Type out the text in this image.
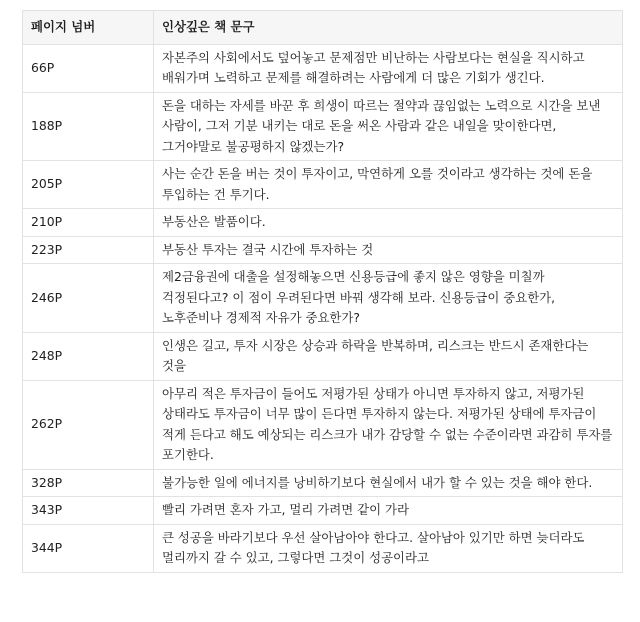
페이지 넘버	인상깊은 책 문구
66P	자본주의 사회에서도 덮어놓고 문제점만 비난하는 사람보다는 현실을 직시하고 배워가며 노력하고 문제를 해결하려는 사람에게 더 많은 기회가 생긴다.
188P	돈을 대하는 자세를 바꾼 후 희생이 따르는 절약과 끊임없는 노력으로 시간을 보낸 사람이, 그저 기분 내키는 대로 돈을 써온 사람과 같은 내일을 맞이한다면, 그거야말로 불공평하지 않겠는가?
205P	사는 순간 돈을 버는 것이 투자이고, 막연하게 오를 것이라고 생각하는 것에 돈을 투입하는 건 투기다.
210P	부동산은 발품이다.
223P	부동산 투자는 결국 시간에 투자하는 것
246P	제2금융권에 대출을 설정해놓으면 신용등급에 좋지 않은 영향을 미칠까 걱정된다고? 이 점이 우려된다면 바꿔 생각해 보라. 신용등급이 중요한가, 노후준비나 경제적 자유가 중요한가?
248P	인생은 길고, 투자 시장은 상승과 하락을 반복하며, 리스크는 반드시 존재한다는 것을
262P	아무리 적은 투자금이 들어도 저평가된 상태가 아니면 투자하지 않고, 저평가된 상태라도 투자금이 너무 많이 든다면 투자하지 않는다. 저평가된 상태에 투자금이 적게 든다고 해도 예상되는 리스크가 내가 감당할 수 없는 수준이라면 과감히 투자를 포기한다.
328P	불가능한 일에 에너지를 낭비하기보다 현실에서 내가 할 수 있는 것을 해야 한다.
343P	빨리 가려면 혼자 가고, 멀리 가려면 같이 가라
344P	큰 성공을 바라기보다 우선 살아남아야 한다고. 살아남아 있기만 하면 늦더라도 멀리까지 갈 수 있고, 그렇다면 그것이 성공이라고
